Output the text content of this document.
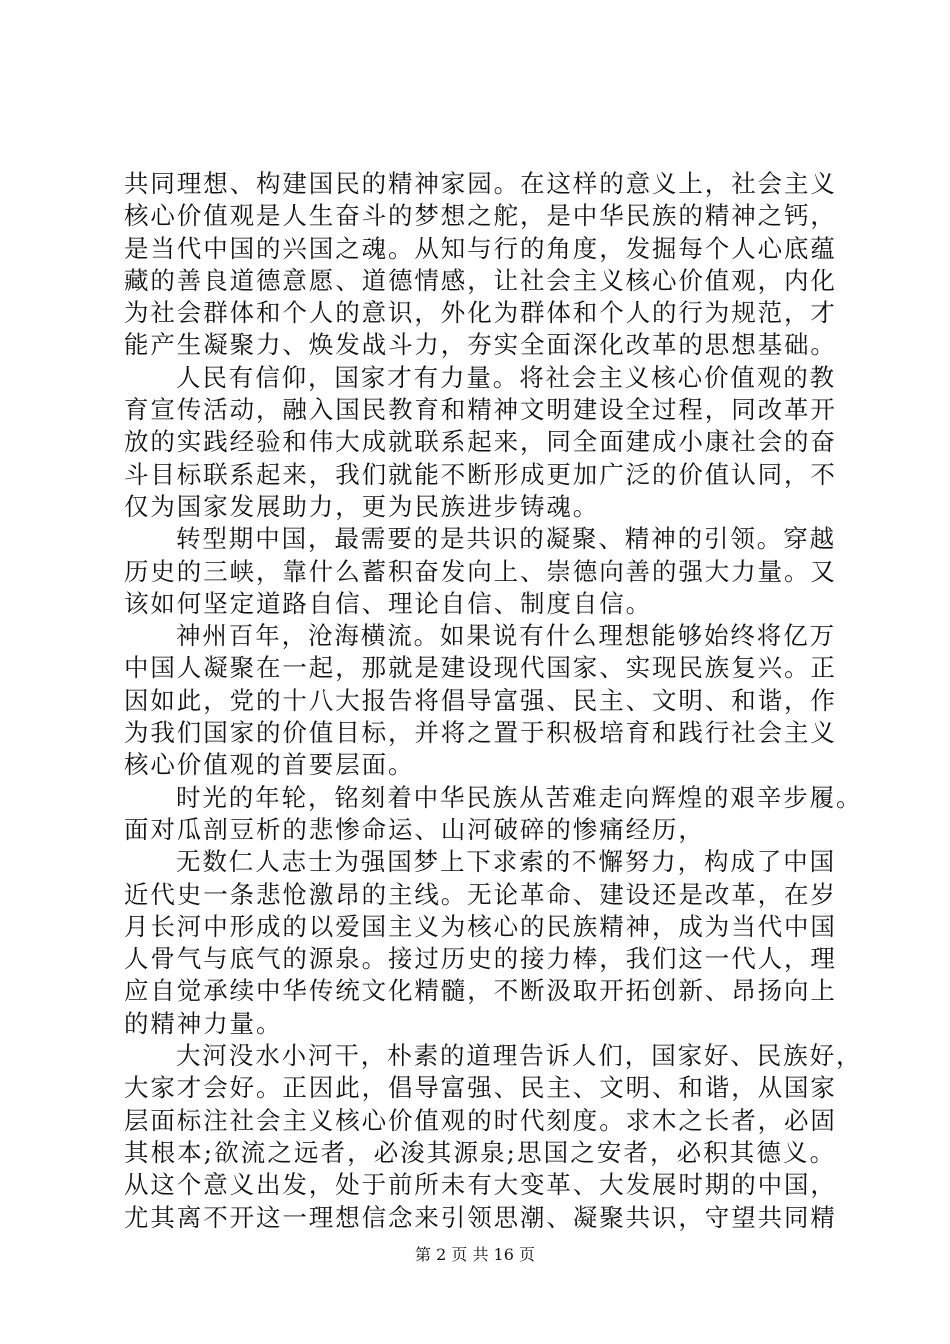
共同理想、构建国民的精神家园。在这样的意义上，社会主义
核心价值观是人生奋斗的梦想之舵，是中华民族的精神之钙，
是当代中国的兴国之魂。从知与行的角度，发掘每个人心底蕴
藏的善良道德意愿、道德情感，让社会主义核心价值观，内化
为社会群体和个人的意识，外化为群体和个人的行为规范，才
能产生凝聚力、焕发战斗力，夯实全面深化改革的思想基础。
人民有信仰，国家才有力量。将社会主义核心价值观的教
育宣传活动，融入国民教育和精神文明建设全过程，同改革开
放的实践经验和伟大成就联系起来，同全面建成小康社会的奋
斗目标联系起来，我们就能不断形成更加广泛的价值认同，不
仅为国家发展助力，更为民族进步铸魂。
转型期中国，最需要的是共识的凝聚、精神的引领。穿越
历史的三峡，靠什么蓄积奋发向上、崇德向善的强大力量。又
该如何坚定道路自信、理论自信、制度自信。
神州百年，沧海横流。如果说有什么理想能够始终将亿万
中国人凝聚在一起，那就是建设现代国家、实现民族复兴。正
因如此，党的十八大报告将倡导富强、民主、文明、和谐，作
为我们国家的价值目标，并将之置于积极培育和践行社会主义
核心价值观的首要层面。
时光的年轮，铭刻着中华民族从苦难走向辉煌的艰辛步履。
面对瓜剖豆析的悲惨命运、山河破碎的惨痛经历，
无数仁人志士为强国梦上下求索的不懈努力，构成了中国
近代史一条悲怆激昂的主线。无论革命、建设还是改革，在岁
月长河中形成的以爱国主义为核心的民族精神，成为当代中国
人骨气与底气的源泉。接过历史的接力棒，我们这一代人，理
应自觉承续中华传统文化精髓，不断汲取开拓创新、昂扬向上
的精神力量。
大河没水小河干，朴素的道理告诉人们，国家好、民族好，
大家才会好。正因此，倡导富强、民主、文明、和谐，从国家
层面标注社会主义核心价值观的时代刻度。求木之长者，必固
其根本;欲流之远者，必浚其源泉;思国之安者，必积其德义。
从这个意义出发，处于前所未有大变革、大发展时期的中国，
尤其离不开这一理想信念来引领思潮、凝聚共识，守望共同精
第 2 页 共 16 页
